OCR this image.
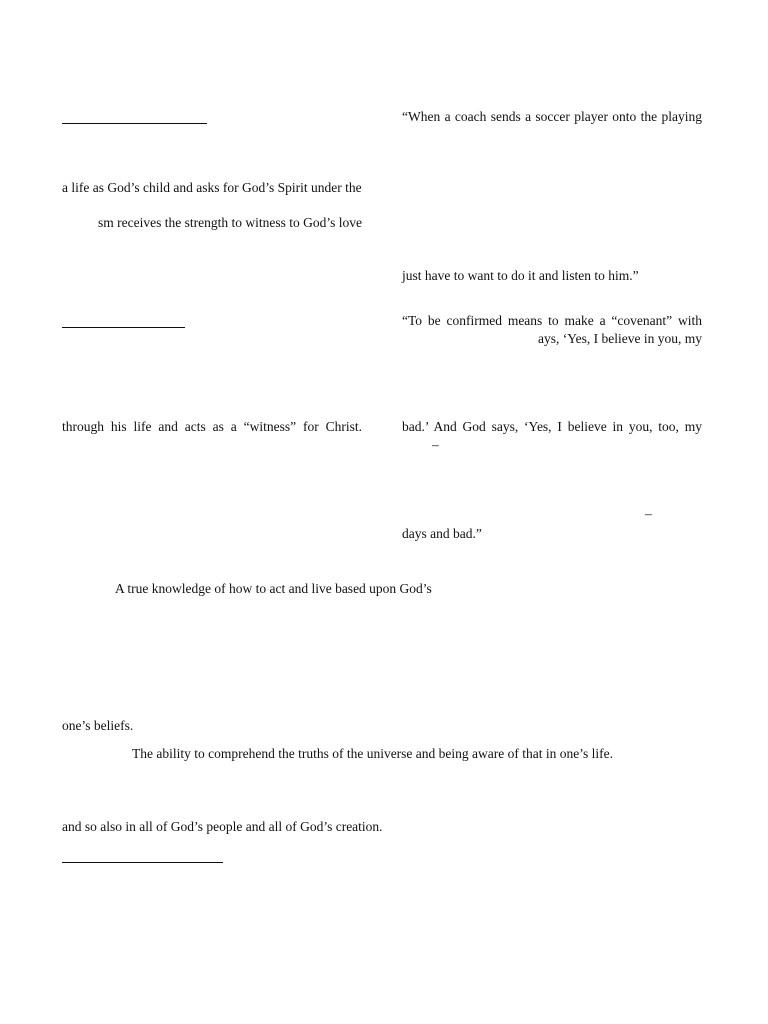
a life as God’s child and asks for God’s Spirit under the
sm receives the strength to witness to God’s love
through his life and acts as a “witness” for Christ.
“When a coach sends a soccer player onto the playing
just have to want to do it and listen to him.”
“To be confirmed means to make a “covenant” with
ays, ‘Yes, I believe in you, my
bad.’ And God says, ‘Yes, I believe in you, too, my
–
–
days and bad.”
A true knowledge of how to act and live based upon God’s
one’s beliefs.
The ability to comprehend the truths of the universe and being aware of that in one’s life.
and so also in all of God’s people and all of God’s creation.
